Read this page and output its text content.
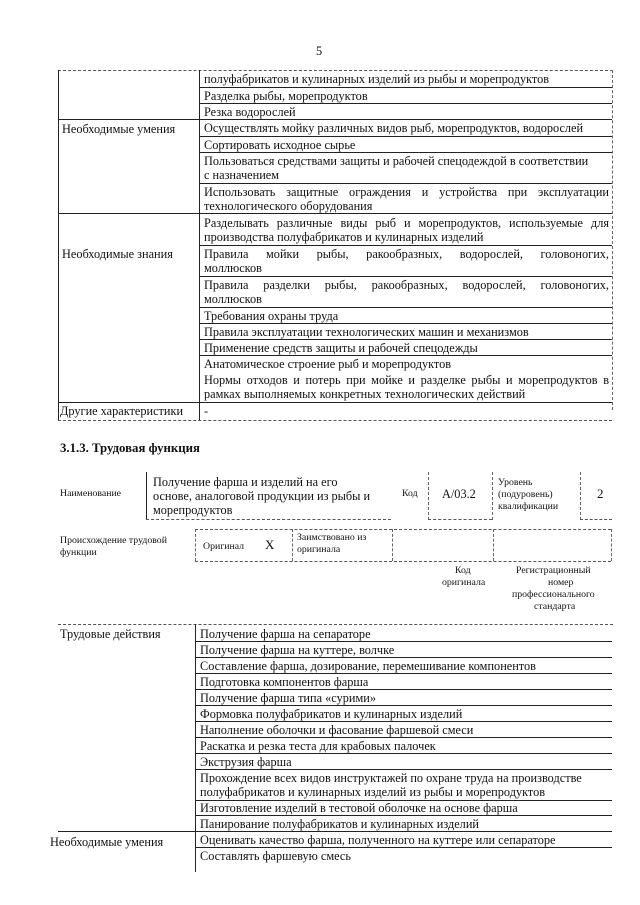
5
Необходимые умения
Необходимые знания
Другие характеристики
полуфабрикатов и кулинарных изделий из рыбы и морепродуктов
Разделка рыбы, морепродуктов
Резка водорослей
Осуществлять мойку различных видов рыб, морепродуктов, водорослей
Сортировать исходное сырье
Пользоваться средствами защиты и рабочей спецодеждой в соответствии
с назначением
Использовать защитные ограждения и устройства при эксплуатации
технологического оборудования
Разделывать различные виды рыб и морепродуктов, используемые для
производства полуфабрикатов и кулинарных изделий
Правила мойки рыбы, ракообразных, водорослей, головоногих,
моллюсков
Правила разделки рыбы, ракообразных, водорослей, головоногих,
моллюсков
Требования охраны труда
Правила эксплуатации технологических машин и механизмов
Применение средств защиты и рабочей спецодежды
Анатомическое строение рыб и морепродуктов
Нормы отходов и потерь при мойке и разделке рыбы и морепродуктов в
рамках выполняемых конкретных технологических действий
-
3.1.3. Трудовая функция
Наименование
Получение фарша и изделий на его
основе, аналоговой продукции из рыбы и
морепродуктов
Код А/03.2
Уровень
(подуровень)
квалификации
2
Происхождение трудовой
функции
Оригинал X Заимствовано из
оригинала
Код
оригинала
Регистрационный
номер
профессионального
стандарта
Трудовые действия
Необходимые умения
Получение фарша на сепараторе
Получение фарша на куттере, волчке
Составление фарша, дозирование, перемешивание компонентов
Подготовка компонентов фарша
Получение фарша типа «сурими»
Формовка полуфабрикатов и кулинарных изделий
Наполнение оболочки и фасование фаршевой смеси
Раскатка и резка теста для крабовых палочек
Экструзия фарша
Прохождение всех видов инструктажей по охране труда на производстве
полуфабрикатов и кулинарных изделий из рыбы и морепродуктов
Изготовление изделий в тестовой оболочке на основе фарша
Панирование полуфабрикатов и кулинарных изделий
Оценивать качество фарша, полученного на куттере или сепараторе
Составлять фаршевую смесь
